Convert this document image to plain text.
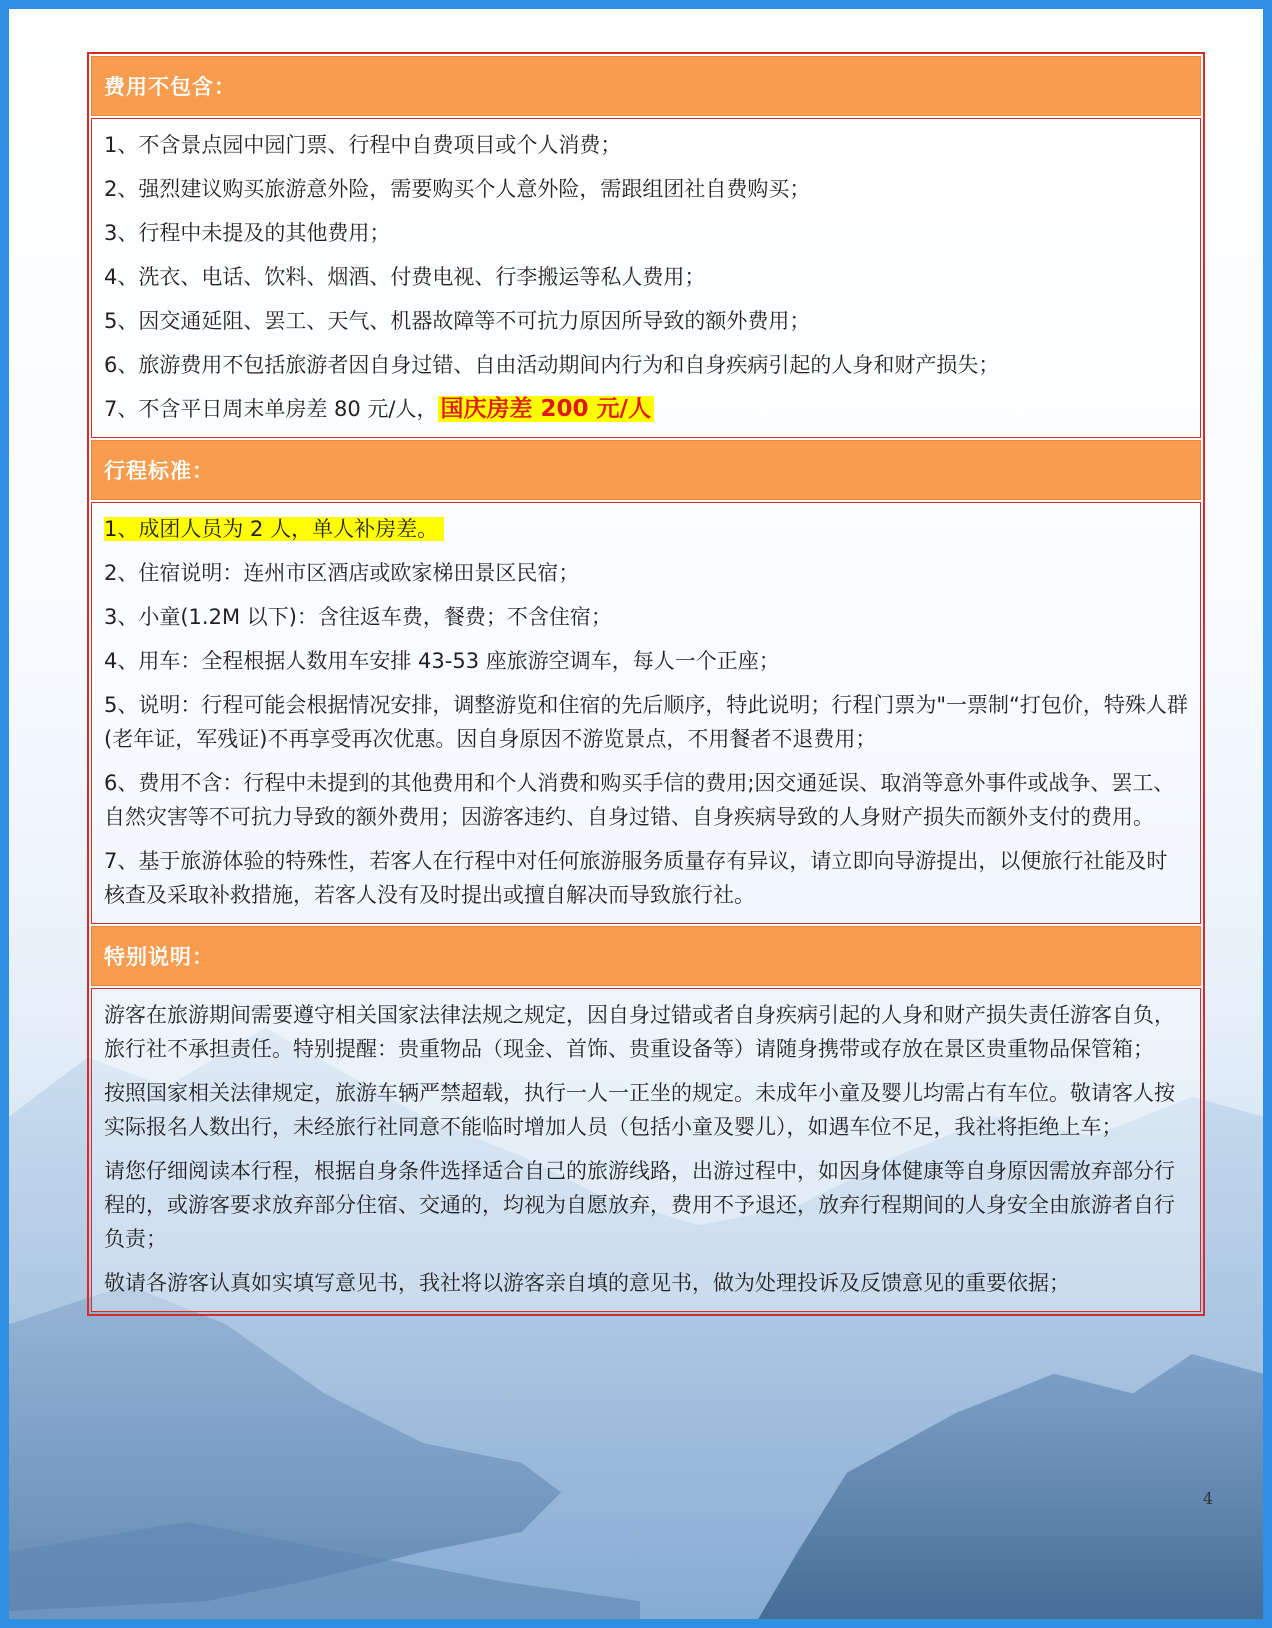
费用不包含：
1、不含景点园中园门票、行程中自费项目或个人消费；
2、强烈建议购买旅游意外险，需要购买个人意外险，需跟组团社自费购买；
3、行程中未提及的其他费用；
4、洗衣、电话、饮料、烟酒、付费电视、行李搬运等私人费用；
5、因交通延阻、罢工、天气、机器故障等不可抗力原因所导致的额外费用；
6、旅游费用不包括旅游者因自身过错、自由活动期间内行为和自身疾病引起的人身和财产损失；
7、不含平日周末单房差 80 元/人， 国庆房差 200 元/人
行程标准：
1、成团人员为 2 人，单人补房差。
2、住宿说明：连州市区酒店或欧家梯田景区民宿；
3、小童(1.2M 以下)：含往返车费，餐费；不含住宿；
4、用车：全程根据人数用车安排 43-53 座旅游空调车，每人一个正座；
5、说明：行程可能会根据情况安排，调整游览和住宿的先后顺序，特此说明；行程门票为"一票制“打包价，特殊人群(老年证，军残证)不再享受再次优惠。因自身原因不游览景点，不用餐者不退费用；
6、费用不含：行程中未提到的其他费用和个人消费和购买手信的费用;因交通延误、取消等意外事件或战争、罢工、自然灾害等不可抗力导致的额外费用；因游客违约、自身过错、自身疾病导致的人身财产损失而额外支付的费用。
7、基于旅游体验的特殊性，若客人在行程中对任何旅游服务质量存有异议，请立即向导游提出，以便旅行社能及时核查及采取补救措施，若客人没有及时提出或擅自解决而导致旅行社。
特别说明：
游客在旅游期间需要遵守相关国家法律法规之规定，因自身过错或者自身疾病引起的人身和财产损失责任游客自负，旅行社不承担责任。特别提醒：贵重物品（现金、首饰、贵重设备等）请随身携带或存放在景区贵重物品保管箱；
按照国家相关法律规定，旅游车辆严禁超载，执行一人一正坐的规定。未成年小童及婴儿均需占有车位。敬请客人按实际报名人数出行，未经旅行社同意不能临时增加人员（包括小童及婴儿），如遇车位不足，我社将拒绝上车；
请您仔细阅读本行程，根据自身条件选择适合自己的旅游线路，出游过程中，如因身体健康等自身原因需放弃部分行程的，或游客要求放弃部分住宿、交通的，均视为自愿放弃，费用不予退还，放弃行程期间的人身安全由旅游者自行负责；
敬请各游客认真如实填写意见书，我社将以游客亲自填的意见书，做为处理投诉及反馈意见的重要依据；
4
